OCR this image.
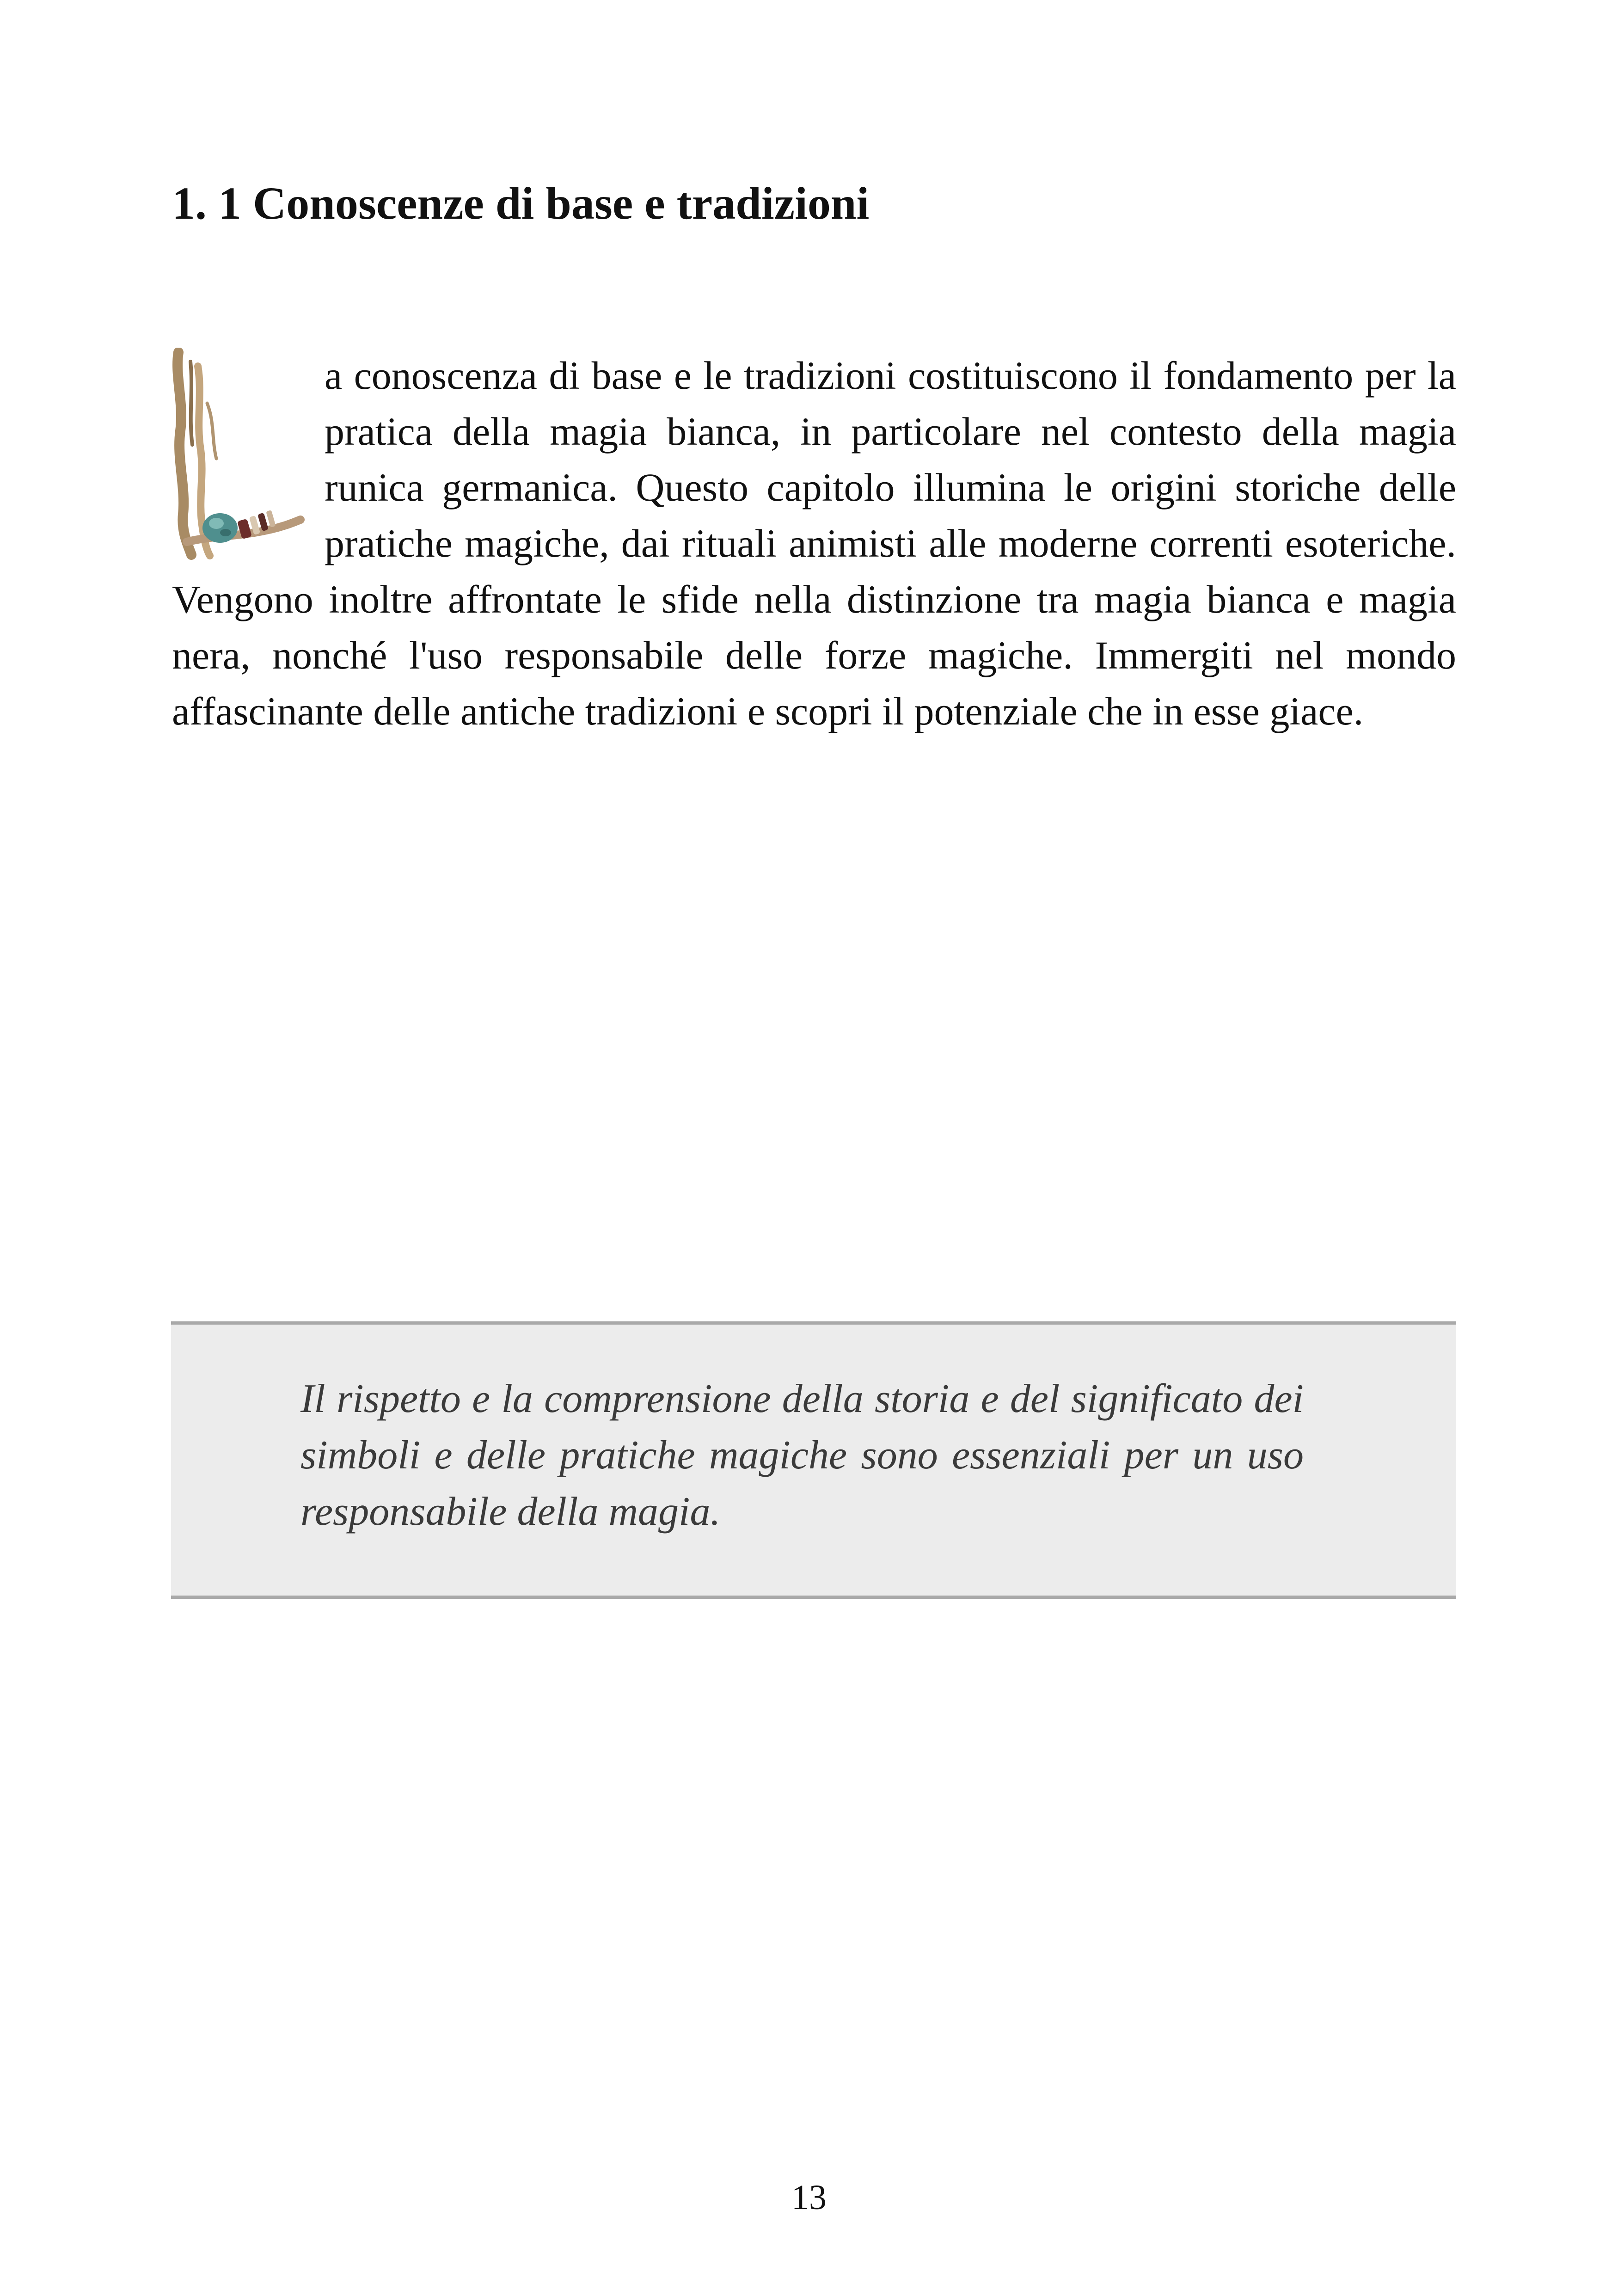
1. 1 Conoscenze di base e tradizioni

a conoscenza di base e le tradizioni costituiscono il fondamento per la pratica della magia bianca, in particolare nel contesto della magia runica germanica. Questo capitolo illumina le origini storiche delle pratiche magiche, dai rituali animisti alle moderne correnti esoteriche. Vengono inoltre affrontate le sfide nella distinzione tra magia bianca e magia nera, nonché l'uso responsabile delle forze magiche. Immergiti nel mondo affascinante delle antiche tradizioni e scopri il potenziale che in esse giace.

Il rispetto e la comprensione della storia e del significato dei simboli e delle pratiche magiche sono essenziali per un uso responsabile della magia.

13
